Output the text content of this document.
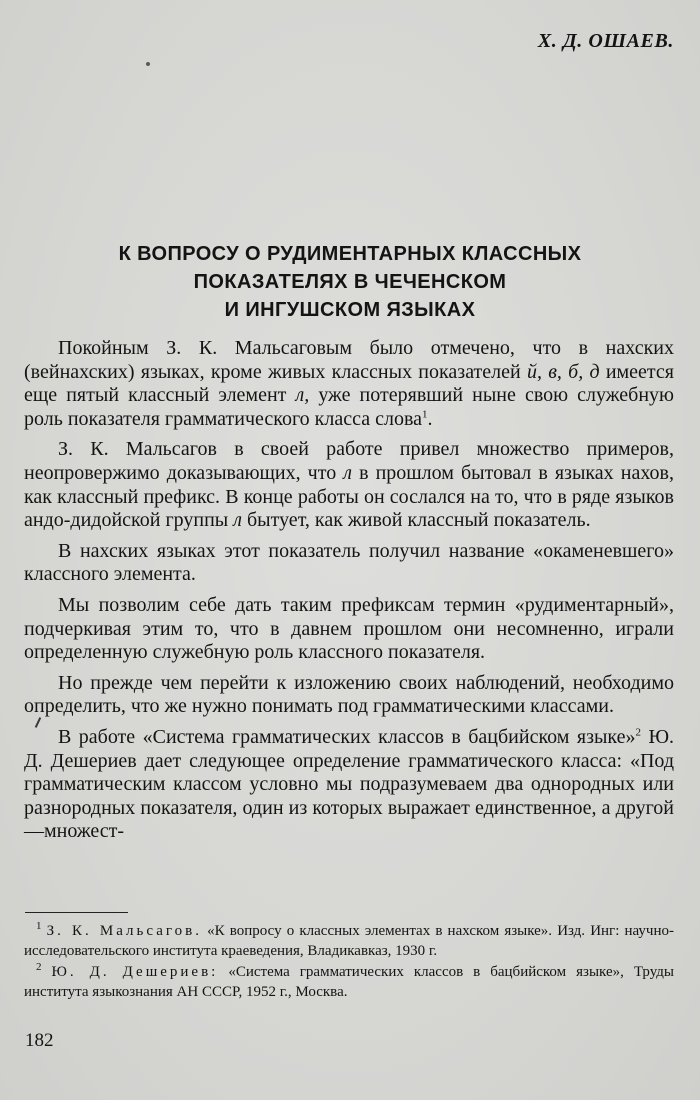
Х. Д. ОШАЕВ.
К ВОПРОСУ О РУДИМЕНТАРНЫХ КЛАССНЫХ
ПОКАЗАТЕЛЯХ В ЧЕЧЕНСКОМ
И ИНГУШСКОМ ЯЗЫКАХ

Покойным З. К. Мальсаговым было отмечено, что в нахских (вейнахских) языках, кроме живых классных показателей й, в, б, д имеется еще пятый классный элемент л, уже потерявший ныне свою служебную роль показателя грамматического класса слова$^1$.

З. К. Мальсагов в своей работе привел множество примеров, неопровержимо доказывающих, что л в прошлом бытовал в языках нахов, как классный префикс. В конце работы он сослался на то, что в ряде языков андо-дидойской группы л бытует, как живой классный показатель.

В нахских языках этот показатель получил название «окаменевшего» классного элемента.

Мы позволим себе дать таким префиксам термин «рудиментарный», подчеркивая этим то, что в давнем прошлом они несомненно, играли определенную служебную роль классного показателя.

Но прежде чем перейти к изложению своих наблюдений, необходимо определить, что же нужно понимать под грамматическими классами.

В работе «Система грамматических классов в бацбийском языке»$^2$ Ю. Д. Дешериев дает следующее определение грамматического класса: «Под грамматическим классом условно мы подразумеваем два однородных или разнородных показателя, один из которых выражает единственное, а другой—множест-

$^1$ З. К. Мальсагов. «К вопросу о классных элементах в нахском языке». Изд. Инг: научно-исследовательского института краеведения, Владикавказ, 1930 г.

$^2$ Ю. Д. Дешериев: «Система грамматических классов в бацбийском языке», Труды института языкознания АН СССР, 1952 г., Москва.

182
